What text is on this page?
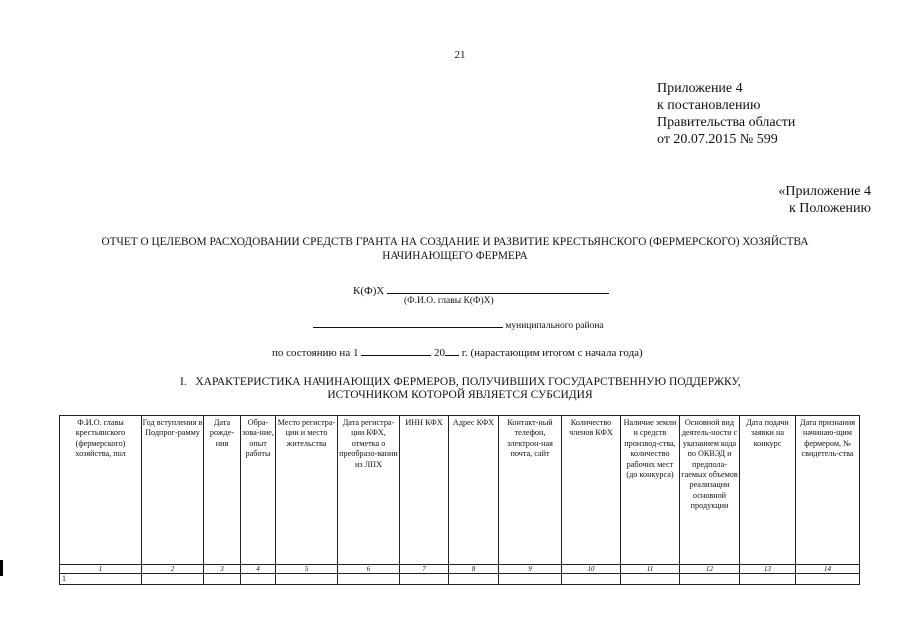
21
Приложение 4
к постановлению
Правительства области
от 20.07.2015 № 599
«Приложение 4
к Положению
ОТЧЕТ О ЦЕЛЕВОМ РАСХОДОВАНИИ СРЕДСТВ ГРАНТА НА СОЗДАНИЕ И РАЗВИТИЕ КРЕСТЬЯНСКОГО (ФЕРМЕРСКОГО) ХОЗЯЙСТВА
НАЧИНАЮЩЕГО ФЕРМЕРА
К(Ф)Х
(Ф.И.О. главы К(Ф)Х)
муниципального района
по состоянию на 1	20 г. (нарастающим итогом с начала года)
I.   ХАРАКТЕРИСТИКА НАЧИНАЮЩИХ ФЕРМЕРОВ, ПОЛУЧИВШИХ ГОСУДАРСТВЕННУЮ ПОДДЕРЖКУ,
ИСТОЧНИКОМ КОТОРОЙ ЯВЛЯЕТСЯ СУБСИДИЯ
Ф.И.О. главы крестьянского (фермерского) хозяйства, пол	Год вступления в Подпрог-рамму	Дата рожде-ния	Обра-зова-ние, опыт работы	Место регистра-ции и место жительства	Дата регистра-ции КФХ, отметка о преобразо-вании из ЛПХ	ИНН КФХ	Адрес КФХ	Контакт-ный телефон, электрон-ная почта, сайт	Количество членов КФХ	Наличие земли и средств производ-ства, количество рабочих мест (до конкурса)	Основной вид деятель-ности с указанием кода по ОКВЭД и предпола-гаемых объемов реализации основной продукции	Дата подачи заявки на конкурс	Дата признания начинаю-щим фермером, № свидетель-ства
1	2	3	4	5	6	7	8	9	10	11	12	13	14
1													
